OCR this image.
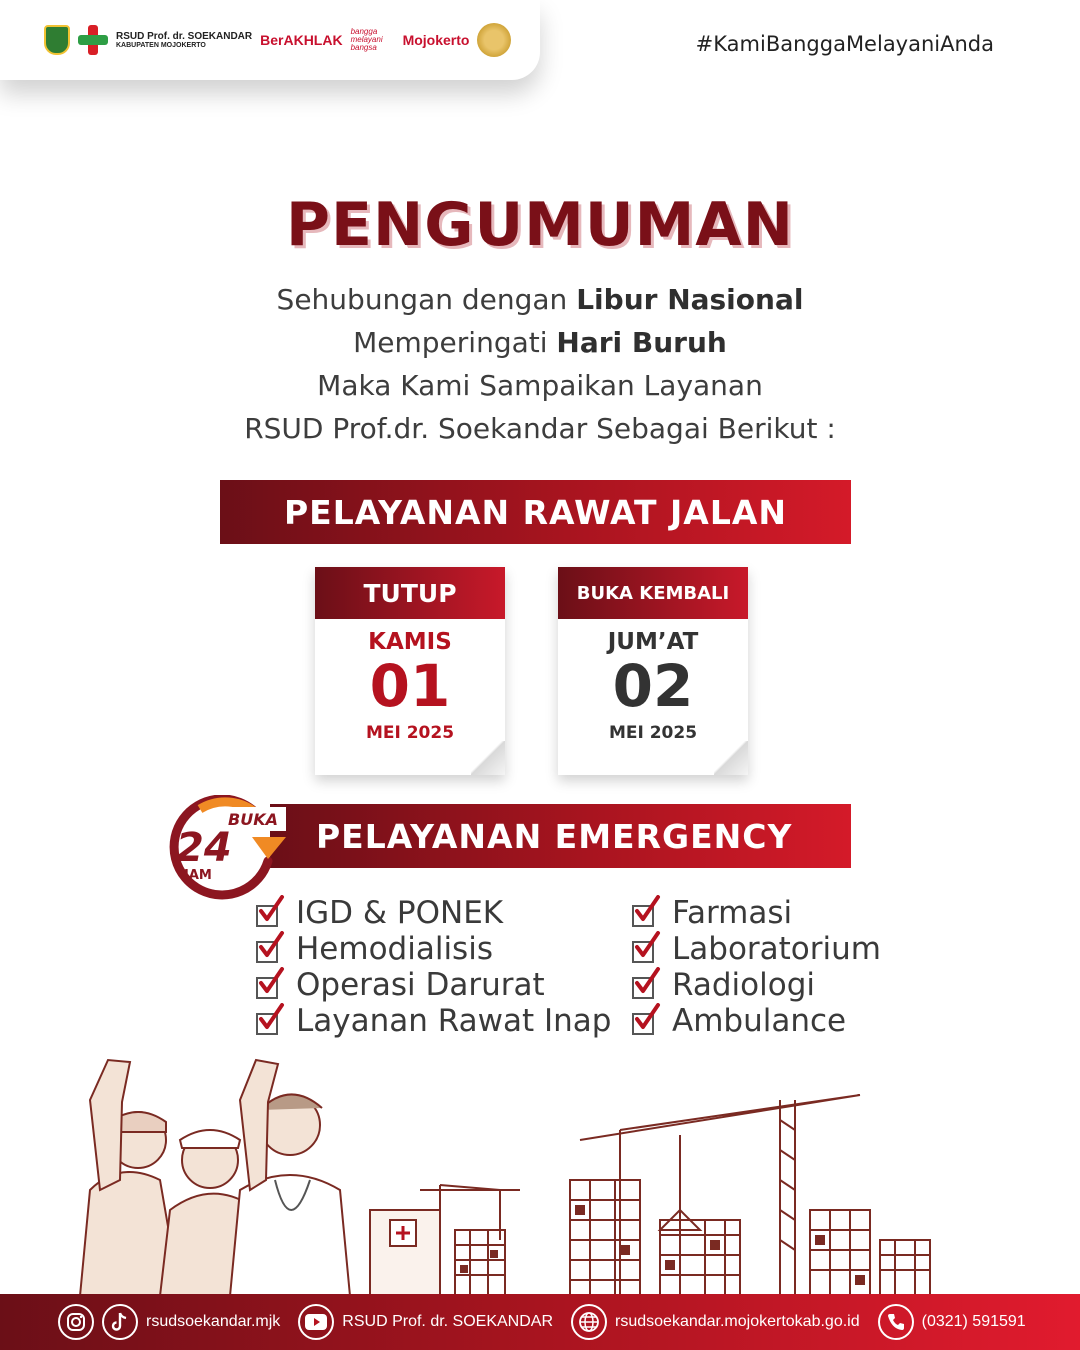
RSUD Prof. dr. SOEKANDAR
KABUPATEN MOJOKERTO	BerAKHLAK
bangga melayani bangsa	Mojokerto	#KamiBanggaMelayaniAnda
PENGUMUMAN
Sehubungan dengan Libur Nasional
Memperingati Hari Buruh
Maka Kami Sampaikan Layanan
RSUD Prof.dr. Soekandar Sebagai Berikut :
PELAYANAN RAWAT JALAN
TUTUP
KAMIS
01
MEI 2025
BUKA KEMBALI
JUM’AT
02
MEI 2025
PELAYANAN EMERGENCY
BUKA
24
JAM
IGD & PONEK
Hemodialisis
Operasi Darurat
Layanan Rawat Inap
Farmasi
Laboratorium
Radiologi
Ambulance
rsudsoekandar.mjk	RSUD Prof. dr. SOEKANDAR	rsudsoekandar.mojokertokab.go.id	(0321) 591591
